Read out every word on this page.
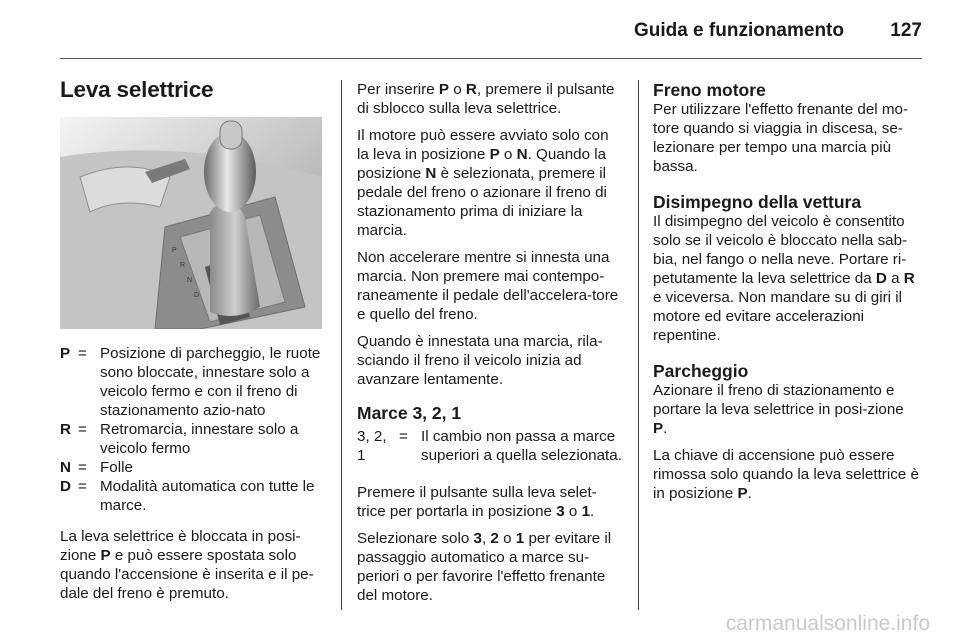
Guida e funzionamento 127
Leva selettrice
P
R
N
D
P = Posizione di parcheggio, le ruote sono bloccate, innestare solo a veicolo fermo e con il freno di stazionamento azio-nato
R = Retromarcia, innestare solo a veicolo fermo
N = Folle
D = Modalità automatica con tutte le marce.

La leva selettrice è bloccata in posi-zione P e può essere spostata solo quando l'accensione è inserita e il pe-dale del freno è premuto.

Per inserire P o R, premere il pulsante di sblocco sulla leva selettrice.

Il motore può essere avviato solo con la leva in posizione P o N. Quando la posizione N è selezionata, premere il pedale del freno o azionare il freno di stazionamento prima di iniziare la marcia.

Non accelerare mentre si innesta una marcia. Non premere mai contempo-raneamente il pedale dell'accelera-tore e quello del freno.

Quando è innestata una marcia, rila-sciando il freno il veicolo inizia ad avanzare lentamente.

Marce 3, 2, 1
3, 2, 1
= Il cambio non passa a marce superiori a quella selezionata.

Premere il pulsante sulla leva selet-trice per portarla in posizione 3 o 1.

Selezionare solo 3, 2 o 1 per evitare il passaggio automatico a marce su-periori o per favorire l'effetto frenante del motore.

Freno motore

Per utilizzare l'effetto frenante del mo-tore quando si viaggia in discesa, se-lezionare per tempo una marcia più bassa.

Disimpegno della vettura

Il disimpegno del veicolo è consentito solo se il veicolo è bloccato nella sab-bia, nel fango o nella neve. Portare ri-petutamente la leva selettrice da D a R e viceversa. Non mandare su di giri il motore ed evitare accelerazioni repentine.

Parcheggio

Azionare il freno di stazionamento e portare la leva selettrice in posi-zione P.

La chiave di accensione può essere rimossa solo quando la leva selettrice è in posizione P.

carmanualsonline.info
